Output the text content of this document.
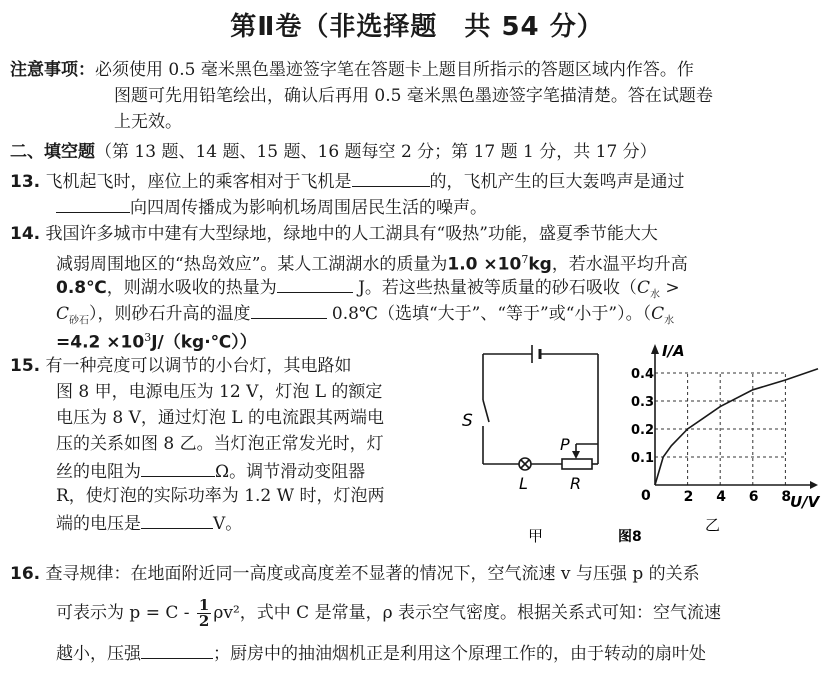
第Ⅱ卷（非选择题　共 54 分）
注意事项：必须使用 0.5 毫米黑色墨迹签字笔在答题卡上题目所指示的答题区域内作答。作
图题可先用铅笔绘出，确认后再用 0.5 毫米黑色墨迹签字笔描清楚。答在试题卷
上无效。
二、填空题（第 13 题、14 题、15 题、16 题每空 2 分；第 17 题 1 分，共 17 分）
13. 飞机起飞时，座位上的乘客相对于飞机是	的，飞机产生的巨大轰鸣声是通过
向四周传播成为影响机场周围居民生活的噪声。
14. 我国许多城市中建有大型绿地，绿地中的人工湖具有“吸热”功能，盛夏季节能大大
减弱周围地区的“热岛效应”。某人工湖湖水的质量为$1.0 \times 10^7kg$，若水温平均升高
0.8℃，则湖水吸收的热量为	J。若这些热量被等质量的砂石吸收（$C_水$ >
$C_{砂石}$），则砂石升高的温度	0.8℃（选填“大于”、“等于”或“小于”）。（$C_水$
$=4.2 \times 10^3J/(kg\cdot℃)$）
15. 有一种亮度可以调节的小台灯，其电路如
图 8 甲，电源电压为 12 V，灯泡 L 的额定
电压为 8 V，通过灯泡 L 的电流跟其两端电
压的关系如图 8 乙。当灯泡正常发光时，灯
丝的电阻为	Ω。调节滑动变阻器
R，使灯泡的实际功率为 1.2 W 时，灯泡两
端的电压是	V。
S
P
L	R
甲
I/A
U/V
0 2 4 6 8
0.1
0.2
0.3
0.4
乙
图8
16. 查寻规律：在地面附近同一高度或高度差不显著的情况下，空气流速 v 与压强 p 的关系
可表示为 $p = C - \frac{1}{2} \rho v^2$，式中 C 是常量，ρ 表示空气密度。根据关系式可知：空气流速
越小，压强	；厨房中的抽油烟机正是利用这个原理工作的，由于转动的扇叶处
